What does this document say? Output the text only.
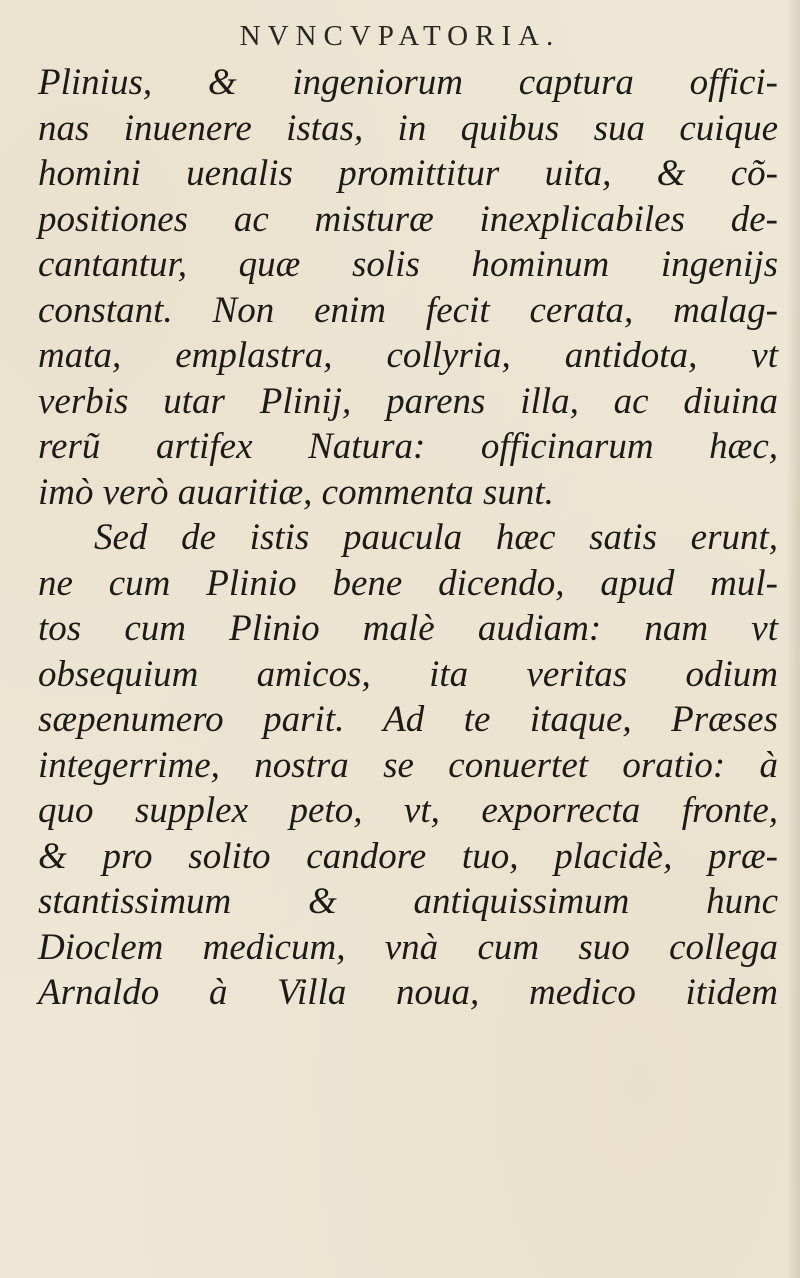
NVNCVPATORIA.
Plinius, & ingeniorum captura offici-
nas inuenere istas, in quibus sua cuique
homini uenalis promittitur uita, & cõ-
positiones ac misturæ inexplicabiles de-
cantantur, quæ solis hominum ingenijs
constant. Non enim fecit cerata, malag-
mata, emplastra, collyria, antidota, vt
verbis utar Plinij, parens illa, ac diuina
rerũ artifex Natura: officinarum hæc,
imò verò auaritiæ, commenta sunt.
Sed de istis paucula hæc satis erunt,
ne cum Plinio bene dicendo, apud mul-
tos cum Plinio malè audiam: nam vt
obsequium amicos, ita veritas odium
sæpenumero parit. Ad te itaque, Præses
integerrime, nostra se conuertet oratio: à
quo supplex peto, vt, exporrecta fronte,
& pro solito candore tuo, placidè, præ-
stantissimum & antiquissimum hunc
Dioclem medicum, vnà cum suo collega
Arnaldo à Villa noua, medico itidem
